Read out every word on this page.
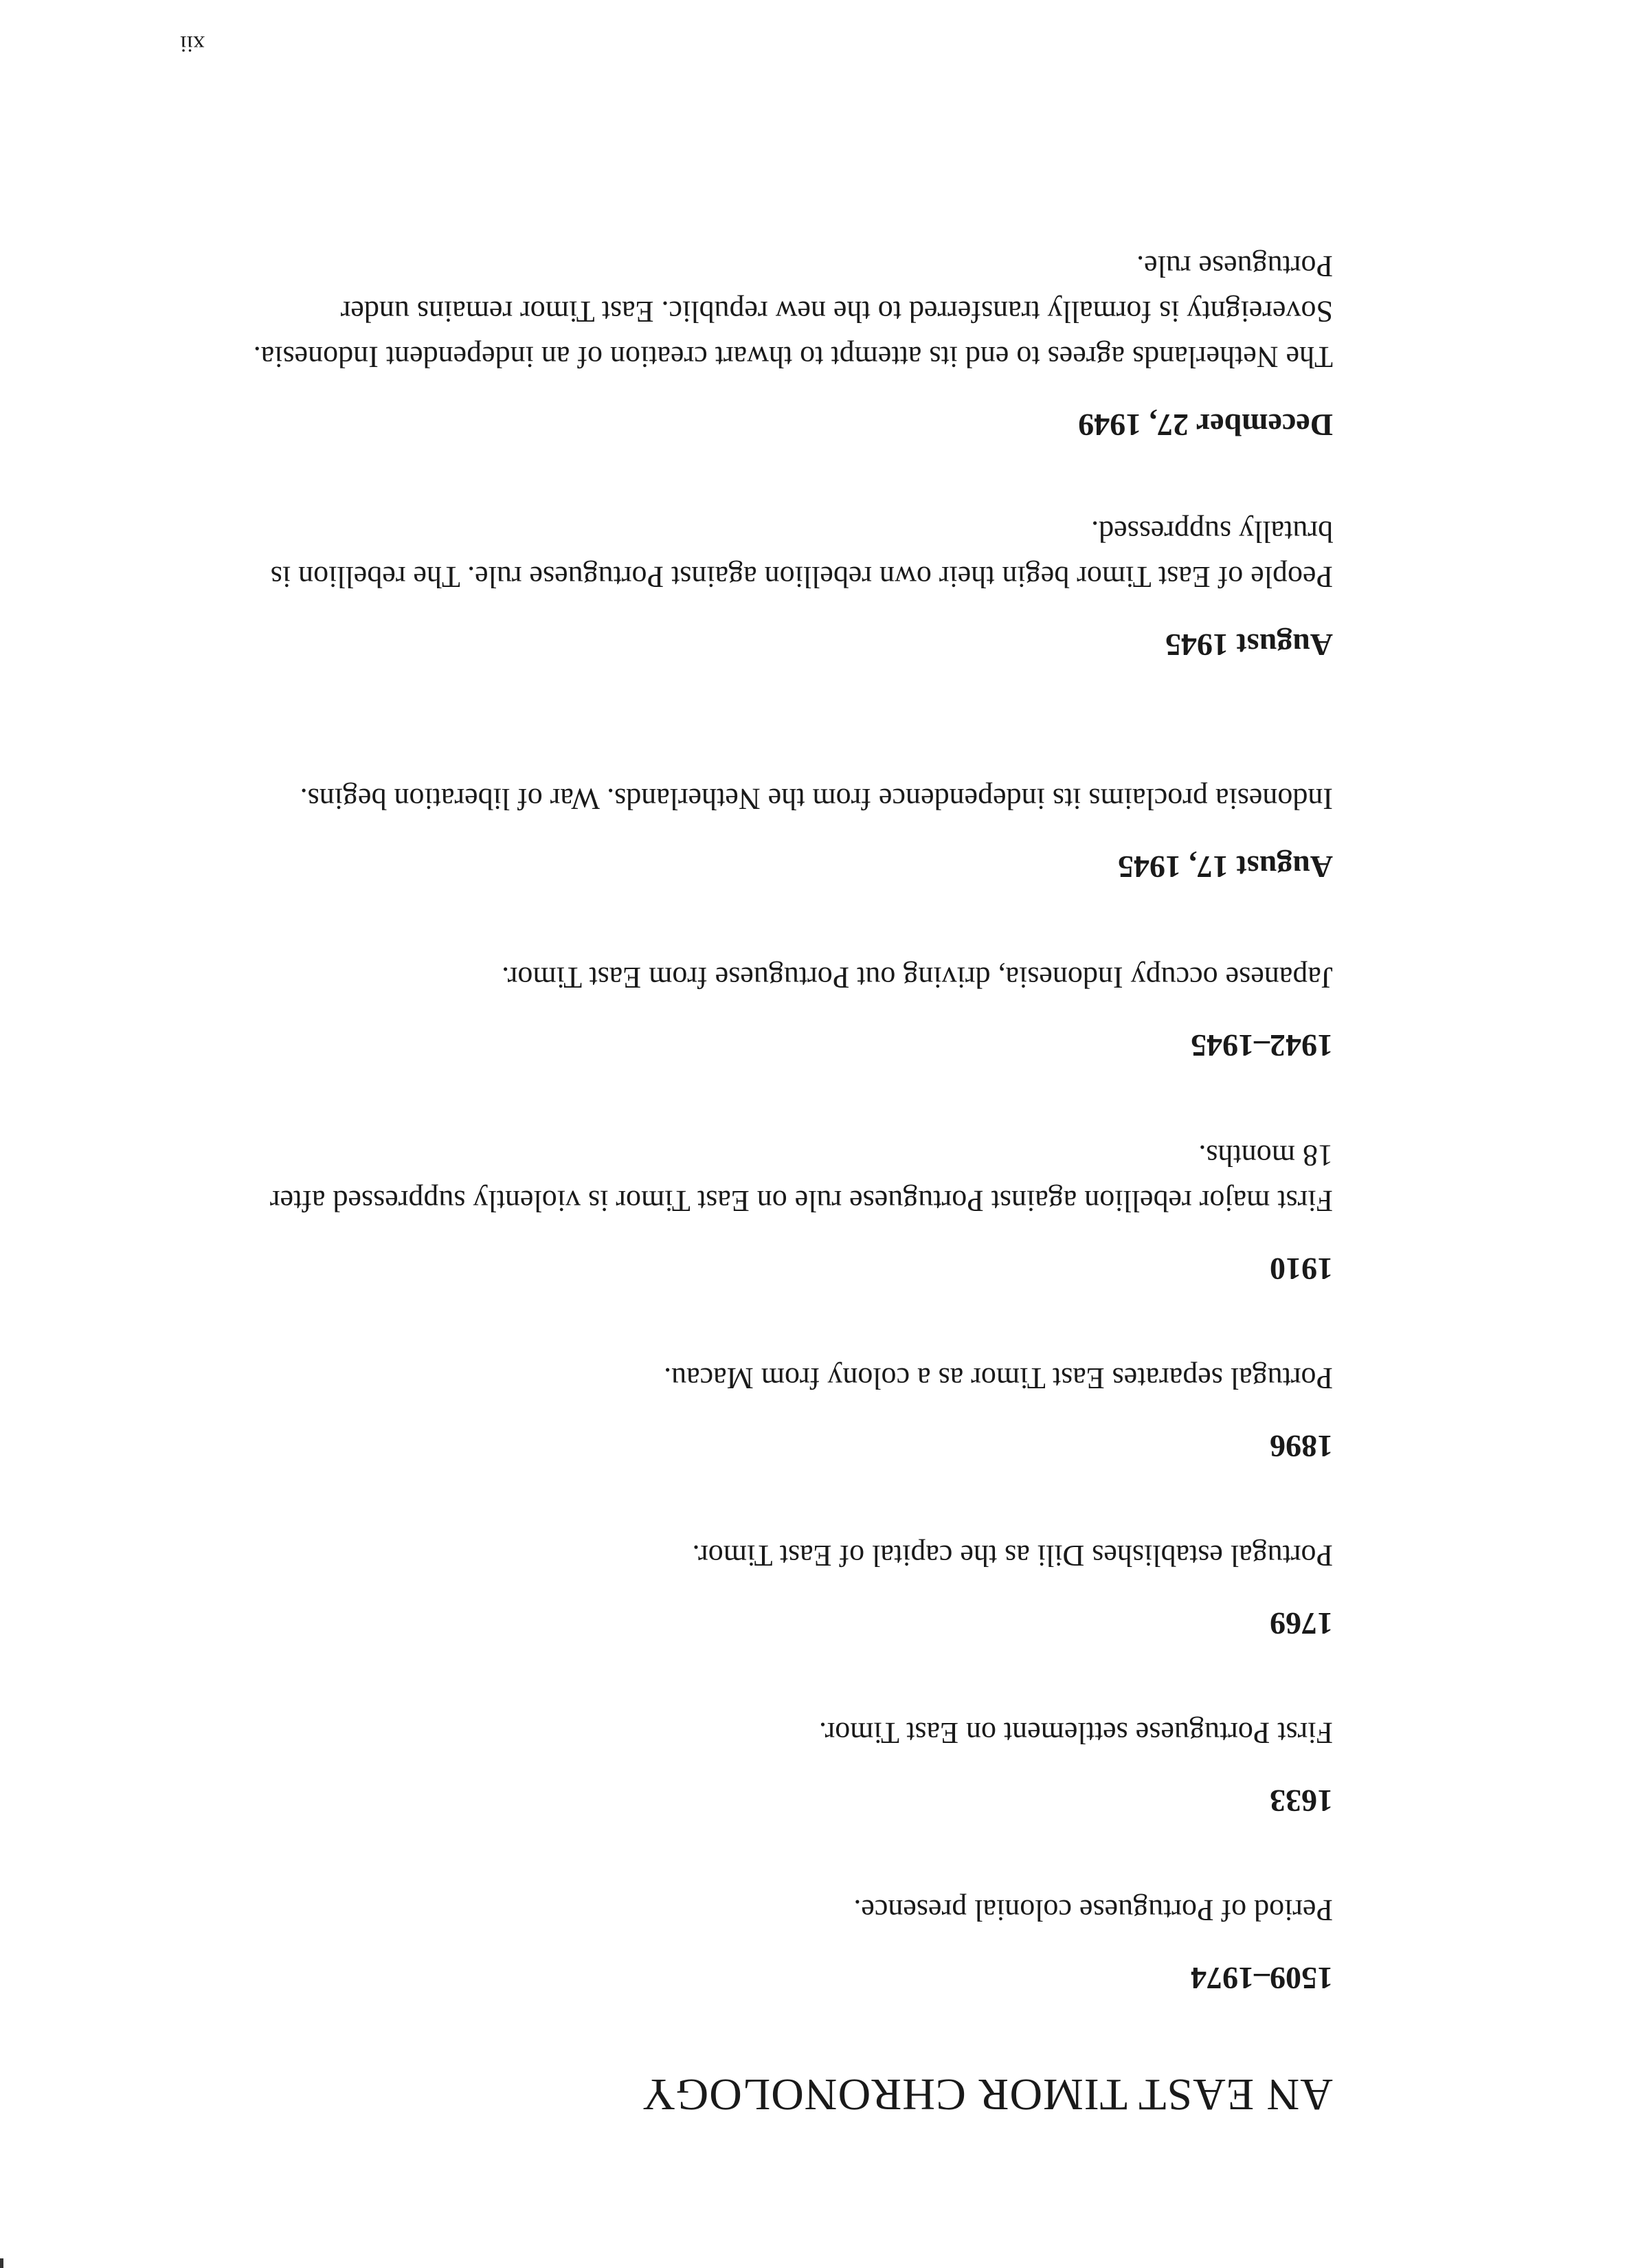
AN EAST TIMOR CHRONOLOGY
1509–1974

Period of Portuguese colonial presence.

1633

First Portuguese settlement on East Timor.

1769

Portugal establishes Dili as the capital of East Timor.

1896

Portugal separates East Timor as a colony from Macau.

1910

First major rebellion against Portuguese rule on East Timor is violently suppressed after 18 months.

1942–1945

Japanese occupy Indonesia, driving out Portuguese from East Timor.

August 17, 1945

Indonesia proclaims its independence from the Netherlands. War of liberation begins.

August 1945

People of East Timor begin their own rebellion against Portuguese rule. The rebellion is brutally suppressed.

December 27, 1949

The Netherlands agrees to end its attempt to thwart creation of an independent Indonesia. Sovereignty is formally transferred to the new republic. East Timor remains under Portuguese rule.

xii
